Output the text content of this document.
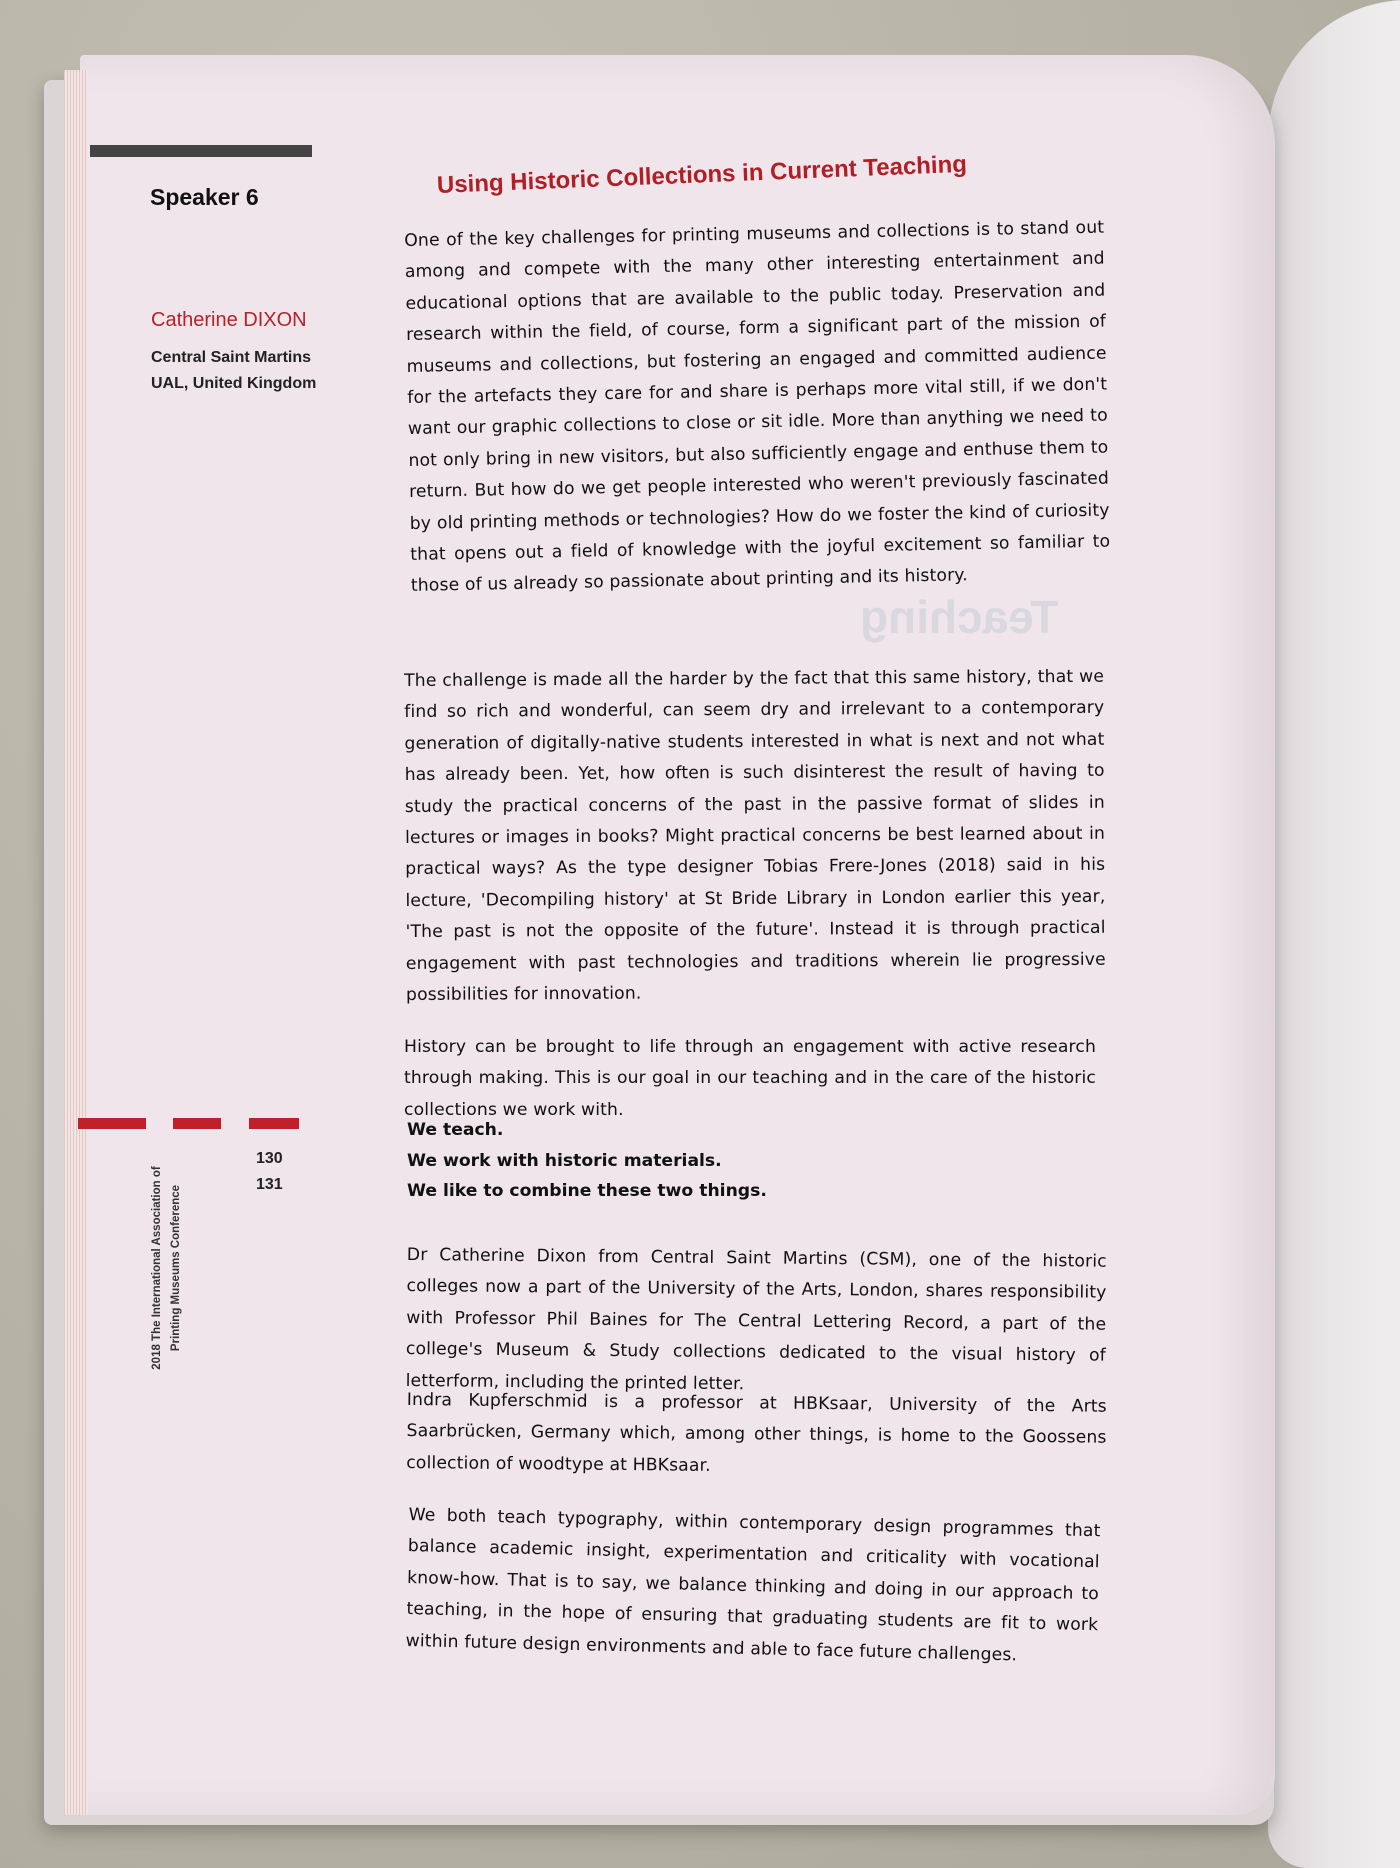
Teaching
Speaker 6
Catherine DIXON
Central Saint Martins
UAL, United Kingdom
Using Historic Collections in Current Teaching

One of the key challenges for printing museums and collections is to stand out among and compete with the many other interesting entertainment and educational options that are available to the public today. Preservation and research within the field, of course, form a significant part of the mission of museums and collections, but fostering an engaged and committed audience for the artefacts they care for and share is perhaps more vital still, if we don't want our graphic collections to close or sit idle. More than anything we need to not only bring in new visitors, but also sufficiently engage and enthuse them to return. But how do we get people interested who weren't previously fascinated by old printing methods or technologies? How do we foster the kind of curiosity that opens out a field of knowledge with the joyful excitement so familiar to those of us already so passionate about printing and its history.

The challenge is made all the harder by the fact that this same history, that we find so rich and wonderful, can seem dry and irrelevant to a contemporary generation of digitally-native students interested in what is next and not what has already been. Yet, how often is such disinterest the result of having to study the practical concerns of the past in the passive format of slides in lectures or images in books? Might practical concerns be best learned about in practical ways? As the type designer Tobias Frere-Jones (2018) said in his lecture, 'Decompiling history' at St Bride Library in London earlier this year, 'The past is not the opposite of the future'. Instead it is through practical engagement with past technologies and traditions wherein lie progressive possibilities for innovation.

History can be brought to life through an engagement with active research through making. This is our goal in our teaching and in the care of the historic collections we work with.

We teach.
We work with historic materials.
We like to combine these two things.

Dr Catherine Dixon from Central Saint Martins (CSM), one of the historic colleges now a part of the University of the Arts, London, shares responsibility with Professor Phil Baines for The Central Lettering Record, a part of the college's Museum & Study collections dedicated to the visual history of letterform, including the printed letter.

Indra Kupferschmid is a professor at HBKsaar, University of the Arts Saarbrücken, Germany which, among other things, is home to the Goossens collection of woodtype at HBKsaar.

We both teach typography, within contemporary design programmes that balance academic insight, experimentation and criticality with vocational know-how. That is to say, we balance thinking and doing in our approach to teaching, in the hope of ensuring that graduating students are fit to work within future design environments and able to face future challenges.

130
131
2018 The International Association of Printing Museums Conference
